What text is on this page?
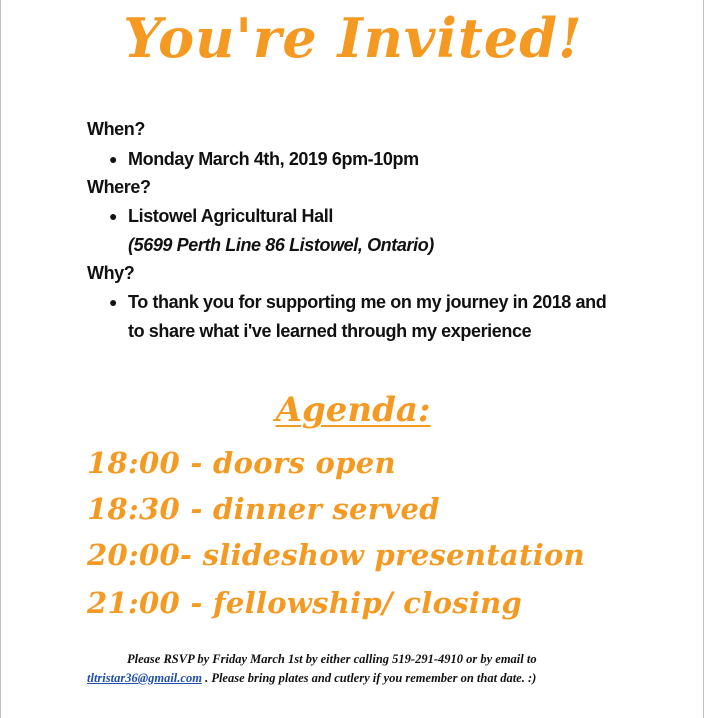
You're Invited!
When?
● Monday March 4th, 2019 6pm-10pm
Where?
● Listowel Agricultural Hall
(5699 Perth Line 86 Listowel, Ontario)
Why?
● To thank you for supporting me on my journey in 2018 and
to share what i've learned through my experience
Agenda:
18:00 - doors open
18:30 - dinner served
20:00- slideshow presentation
21:00 - fellowship/ closing
Please RSVP by Friday March 1st by either calling 519-291-4910 or by email to
tltristar36@gmail.com . Please bring plates and cutlery if you remember on that date. :)
